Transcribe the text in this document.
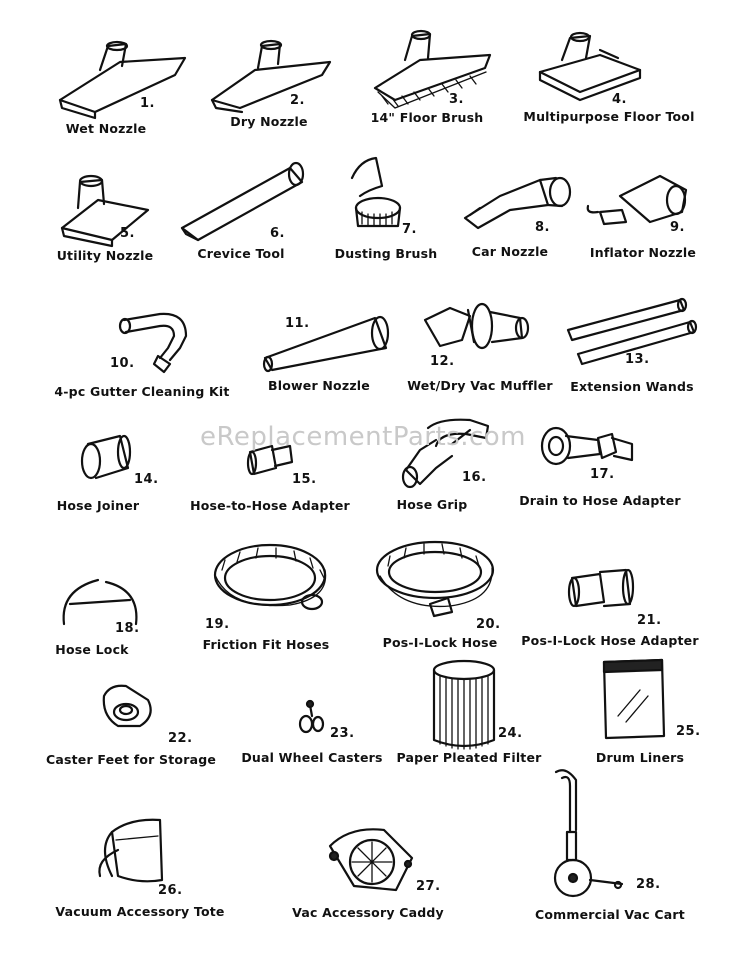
eReplacementParts.com
1.
Wet Nozzle
2.
Dry Nozzle
3.
14" Floor Brush
4.
Multipurpose Floor Tool
5.
Utility Nozzle
6.
Crevice Tool
7.
Dusting Brush
8.
Car Nozzle
9.
Inflator Nozzle
10.
4-pc Gutter Cleaning Kit
11.
Blower Nozzle
12.
Wet/Dry Vac Muffler
13.
Extension Wands
14.
Hose Joiner
15.
Hose-to-Hose Adapter
16.
Hose Grip
17.
Drain to Hose Adapter
18.
Hose Lock
19.
Friction Fit Hoses
20.
Pos-I-Lock Hose
21.
Pos-I-Lock Hose Adapter
22.
Caster Feet for Storage
23.
Dual Wheel Casters
24.
Paper Pleated Filter
25.
Drum Liners
26.
Vacuum Accessory Tote
27.
Vac Accessory Caddy
28.
Commercial Vac Cart
